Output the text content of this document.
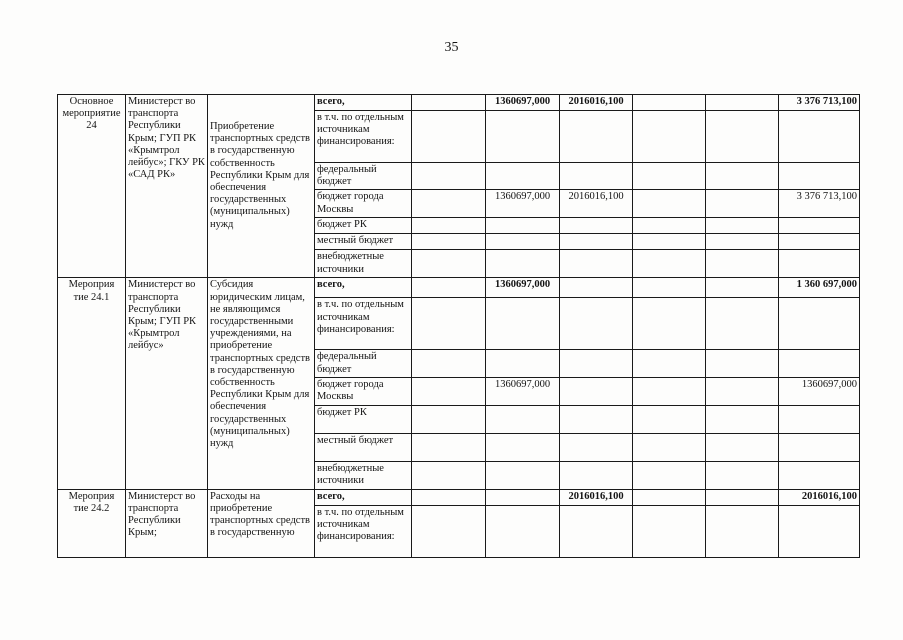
35
Основное мероприятие 24	Министерст во транспорта Республики Крым; ГУП РК «Крымтрол лейбус»; ГКУ РК «САД РК»	Приобретение транспортных средств в государственную собственность Республики Крым для обеспечения государственных (муниципальных) нужд	всего,		1360697,000	2016016,100			3 376 713,100
			в т.ч. по отдельным источникам финансирования:						
			федеральный бюджет						
			бюджет города Москвы		1360697,000	2016016,100			3 376 713,100
			бюджет РК						
			местный бюджет						
			внебюджетные источники						
Мероприя тие 24.1	Министерст во транспорта Республики Крым; ГУП РК «Крымтрол лейбус»	Субсидия юридическим лицам, не являющимся государственными учреждениями, на приобретение транспортных средств в государственную собственность Республики Крым для обеспечения государственных (муниципальных) нужд	всего,		1360697,000				1 360 697,000
			в т.ч. по отдельным источникам финансирования:						
			федеральный бюджет						
			бюджет города Москвы		1360697,000				1360697,000
			бюджет РК						
			местный бюджет						
			внебюджетные источники						
Мероприя тие 24.2	Министерст во транспорта Республики Крым;	Расходы на приобретение транспортных средств в государственную	всего,			2016016,100			2016016,100
			в т.ч. по отдельным источникам финансирования:						
